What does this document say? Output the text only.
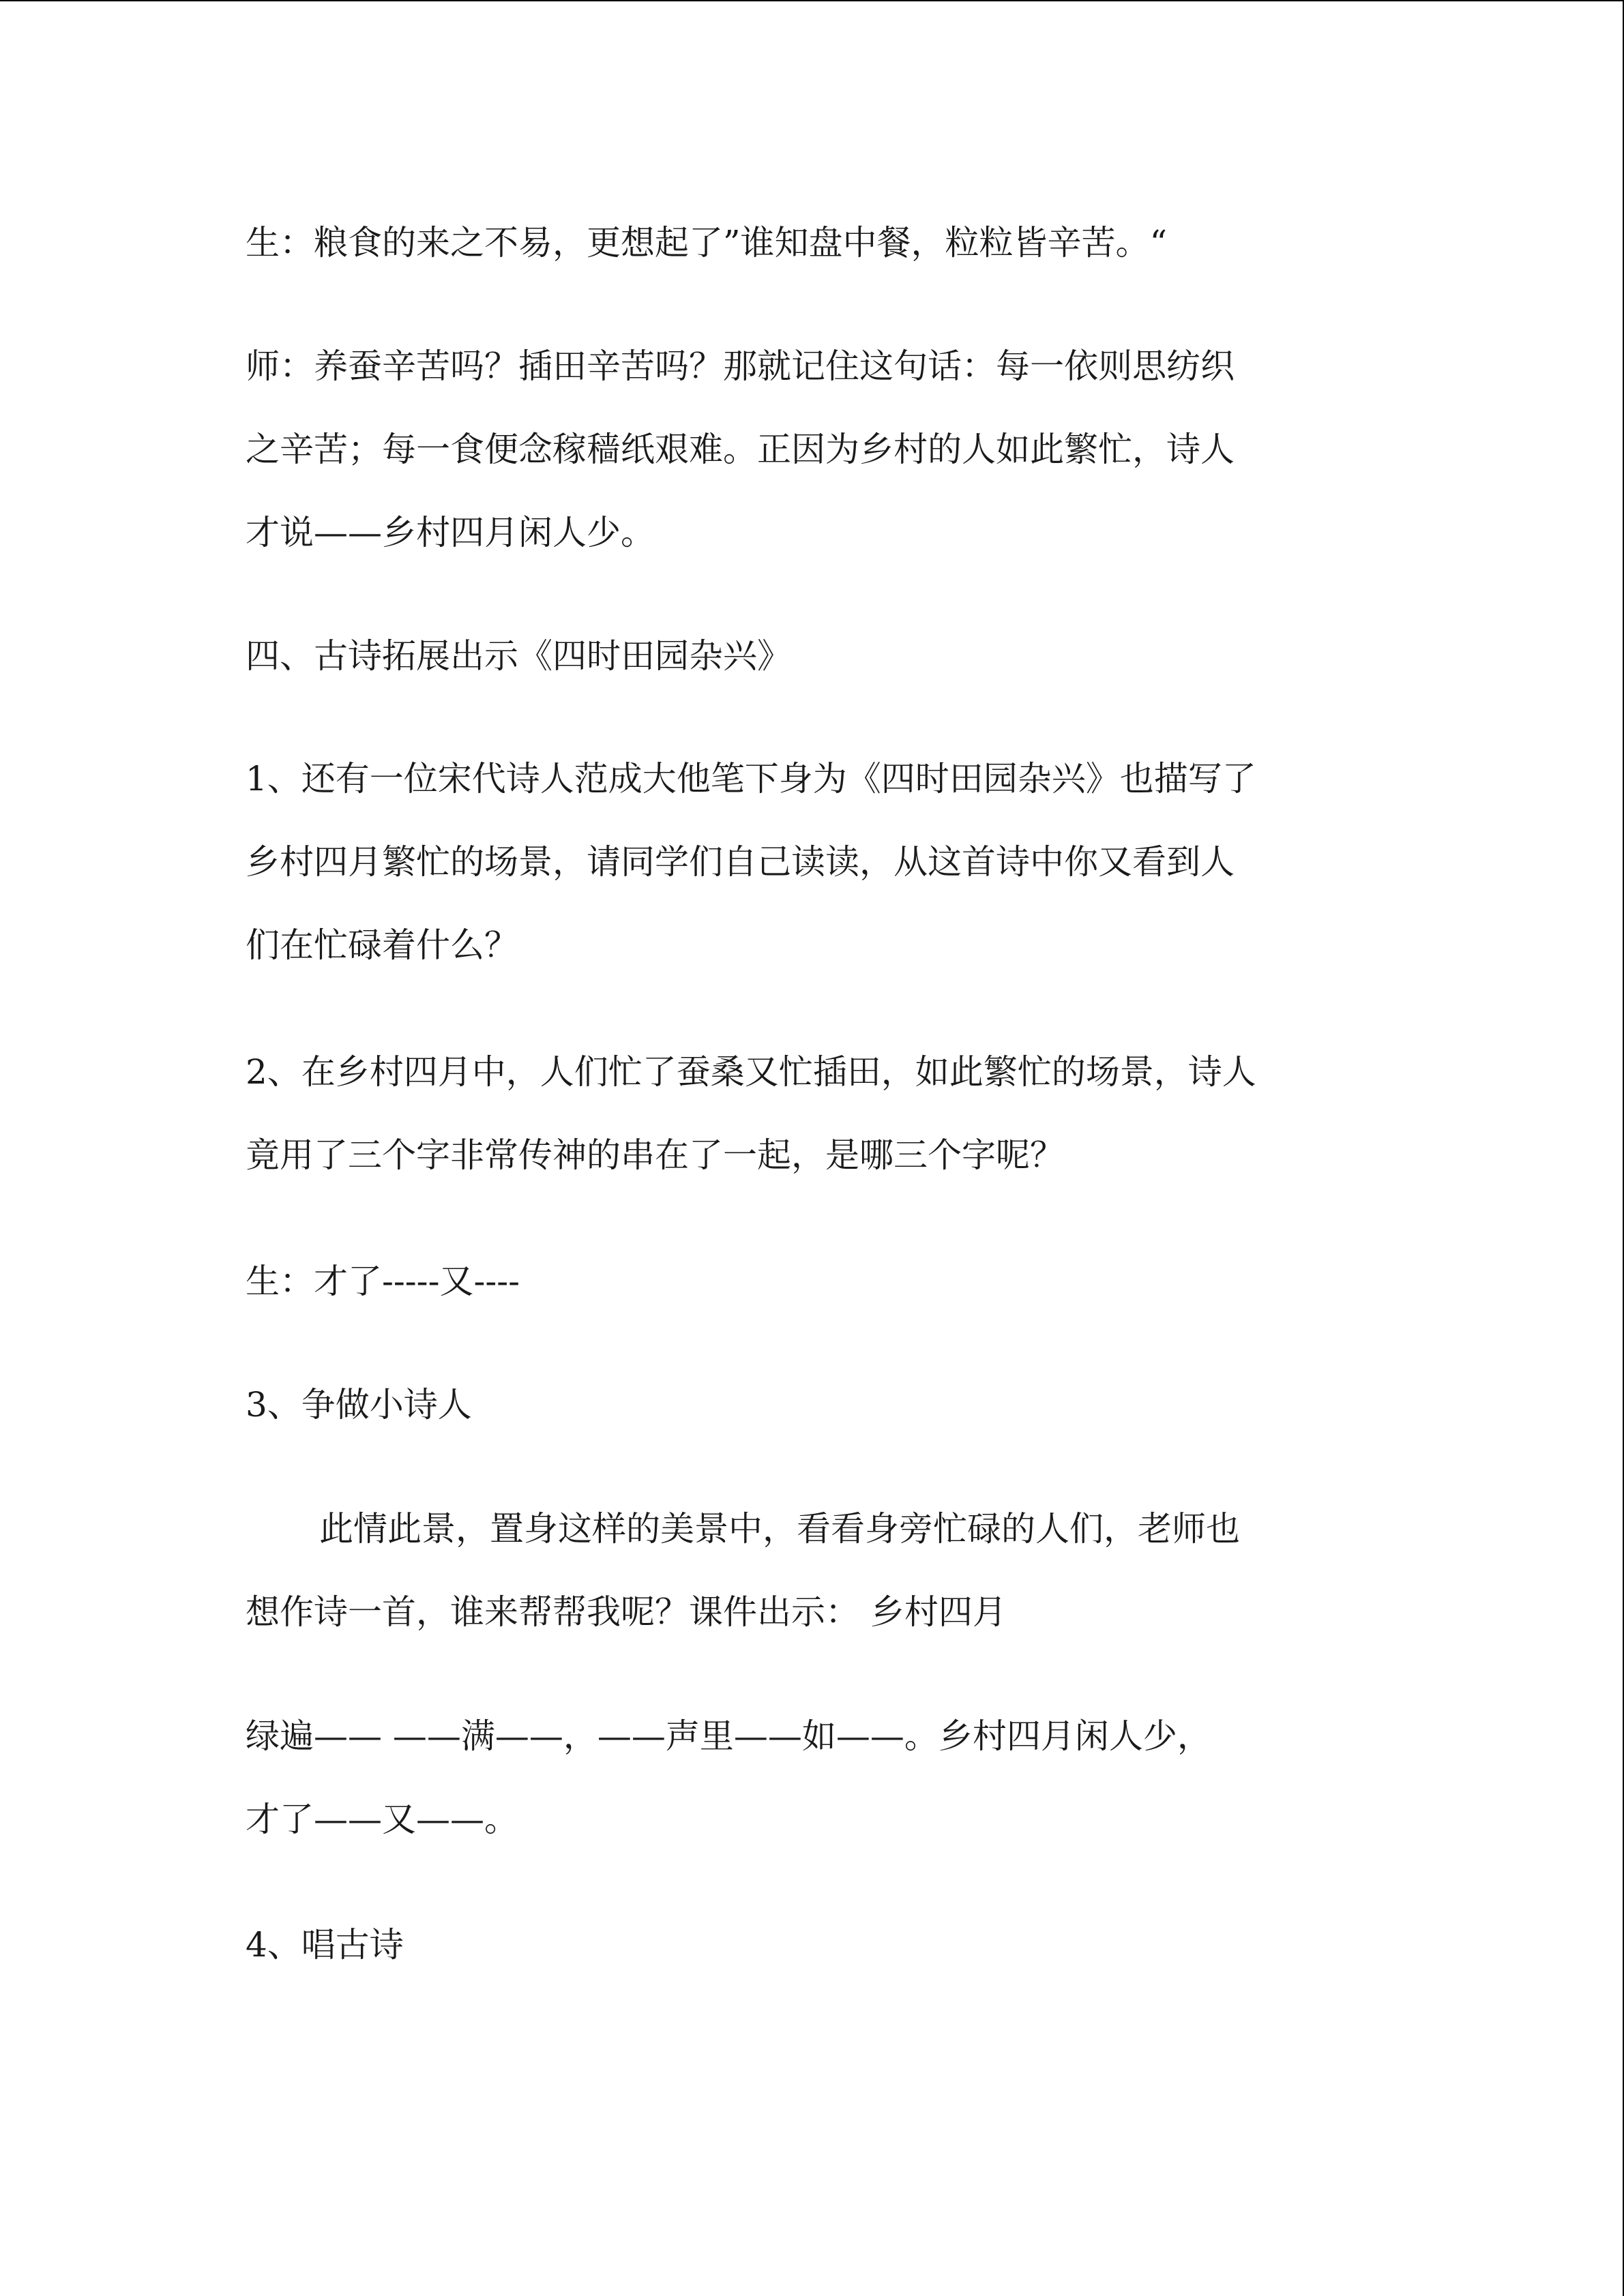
生：粮食的来之不易，更想起了”谁知盘中餐，粒粒皆辛苦。“
师：养蚕辛苦吗？插田辛苦吗？那就记住这句话：每一依则思纺织
之辛苦；每一食便念稼穑纸艰难。正因为乡村的人如此繁忙，诗人
才说——乡村四月闲人少。
四、古诗拓展出示《四时田园杂兴》
1、还有一位宋代诗人范成大他笔下身为《四时田园杂兴》也描写了
乡村四月繁忙的场景，请同学们自己读读，从这首诗中你又看到人
们在忙碌着什么？
2、在乡村四月中，人们忙了蚕桑又忙插田，如此繁忙的场景，诗人
竟用了三个字非常传神的串在了一起，是哪三个字呢？
生：才了-----又----
3、争做小诗人
此情此景，置身这样的美景中，看看身旁忙碌的人们，老师也
想作诗一首，谁来帮帮我呢？课件出示： 乡村四月
绿遍—— ——满——，——声里——如——。乡村四月闲人少，
才了——又——。
4、唱古诗
